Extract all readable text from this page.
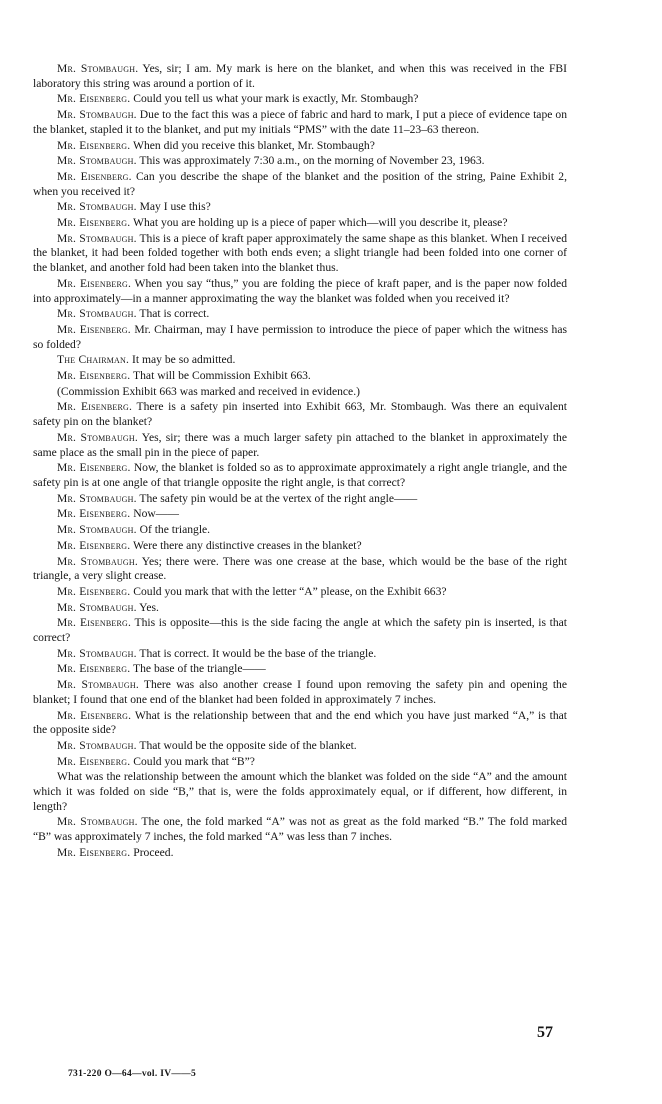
Mr. Stombaugh. Yes, sir; I am. My mark is here on the blanket, and when this was received in the FBI laboratory this string was around a portion of it.

Mr. Eisenberg. Could you tell us what your mark is exactly, Mr. Stombaugh?

Mr. Stombaugh. Due to the fact this was a piece of fabric and hard to mark, I put a piece of evidence tape on the blanket, stapled it to the blanket, and put my initials “PMS” with the date 11–23–63 thereon.

Mr. Eisenberg. When did you receive this blanket, Mr. Stombaugh?

Mr. Stombaugh. This was approximately 7:30 a.m., on the morning of November 23, 1963.

Mr. Eisenberg. Can you describe the shape of the blanket and the position of the string, Paine Exhibit 2, when you received it?

Mr. Stombaugh. May I use this?

Mr. Eisenberg. What you are holding up is a piece of paper which—will you describe it, please?

Mr. Stombaugh. This is a piece of kraft paper approximately the same shape as this blanket. When I received the blanket, it had been folded together with both ends even; a slight triangle had been folded into one corner of the blanket, and another fold had been taken into the blanket thus.

Mr. Eisenberg. When you say “thus,” you are folding the piece of kraft paper, and is the paper now folded into approximately—in a manner approximating the way the blanket was folded when you received it?

Mr. Stombaugh. That is correct.

Mr. Eisenberg. Mr. Chairman, may I have permission to introduce the piece of paper which the witness has so folded?

The Chairman. It may be so admitted.

Mr. Eisenberg. That will be Commission Exhibit 663.

(Commission Exhibit 663 was marked and received in evidence.)

Mr. Eisenberg. There is a safety pin inserted into Exhibit 663, Mr. Stombaugh. Was there an equivalent safety pin on the blanket?

Mr. Stombaugh. Yes, sir; there was a much larger safety pin attached to the blanket in approximately the same place as the small pin in the piece of paper.

Mr. Eisenberg. Now, the blanket is folded so as to approximate approximately a right angle triangle, and the safety pin is at one angle of that triangle opposite the right angle, is that correct?

Mr. Stombaugh. The safety pin would be at the vertex of the right angle——

Mr. Eisenberg. Now——

Mr. Stombaugh. Of the triangle.

Mr. Eisenberg. Were there any distinctive creases in the blanket?

Mr. Stombaugh. Yes; there were. There was one crease at the base, which would be the base of the right triangle, a very slight crease.

Mr. Eisenberg. Could you mark that with the letter “A” please, on the Exhibit 663?

Mr. Stombaugh. Yes.

Mr. Eisenberg. This is opposite—this is the side facing the angle at which the safety pin is inserted, is that correct?

Mr. Stombaugh. That is correct. It would be the base of the triangle.

Mr. Eisenberg. The base of the triangle——

Mr. Stombaugh. There was also another crease I found upon removing the safety pin and opening the blanket; I found that one end of the blanket had been folded in approximately 7 inches.

Mr. Eisenberg. What is the relationship between that and the end which you have just marked “A,” is that the opposite side?

Mr. Stombaugh. That would be the opposite side of the blanket.

Mr. Eisenberg. Could you mark that “B”?

What was the relationship between the amount which the blanket was folded on the side “A” and the amount which it was folded on side “B,” that is, were the folds approximately equal, or if different, how different, in length?

Mr. Stombaugh. The one, the fold marked “A” was not as great as the fold marked “B.” The fold marked “B” was approximately 7 inches, the fold marked “A” was less than 7 inches.

Mr. Eisenberg. Proceed.

57
731-220 O—64—vol. IV——5
